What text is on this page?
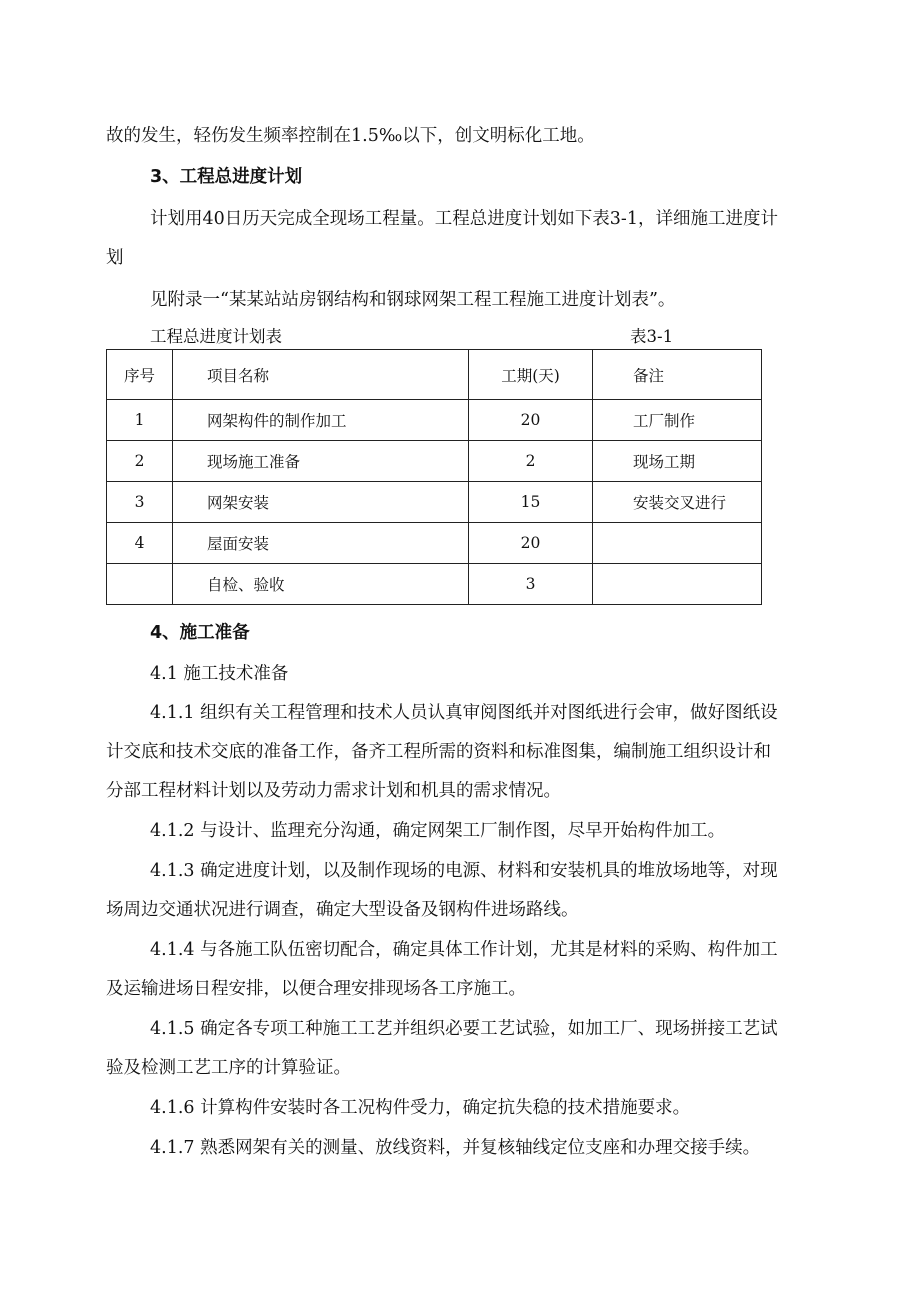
故的发生，轻伤发生频率控制在1.5‰以下，创文明标化工地。
3、工程总进度计划
计划用40日历天完成全现场工程量。工程总进度计划如下表3-1，详细施工进度计
划
见附录一“某某站站房钢结构和钢球网架工程工程施工进度计划表”。
工程总进度计划表	表3-1
序号	项目名称	工期(天)	备注
1	网架构件的制作加工	20	工厂制作
2	现场施工准备	2	现场工期
3	网架安装	15	安装交叉进行
4	屋面安装	20	
	自检、验收	3	
4、施工准备
4.1 施工技术准备
4.1.1 组织有关工程管理和技术人员认真审阅图纸并对图纸进行会审，做好图纸设
计交底和技术交底的准备工作，备齐工程所需的资料和标准图集，编制施工组织设计和
分部工程材料计划以及劳动力需求计划和机具的需求情况。
4.1.2 与设计、监理充分沟通，确定网架工厂制作图，尽早开始构件加工。
4.1.3 确定进度计划，以及制作现场的电源、材料和安装机具的堆放场地等，对现
场周边交通状况进行调查，确定大型设备及钢构件进场路线。
4.1.4 与各施工队伍密切配合，确定具体工作计划，尤其是材料的采购、构件加工
及运输进场日程安排，以便合理安排现场各工序施工。
4.1.5 确定各专项工种施工工艺并组织必要工艺试验，如加工厂、现场拼接工艺试
验及检测工艺工序的计算验证。
4.1.6 计算构件安装时各工况构件受力，确定抗失稳的技术措施要求。
4.1.7 熟悉网架有关的测量、放线资料，并复核轴线定位支座和办理交接手续。
